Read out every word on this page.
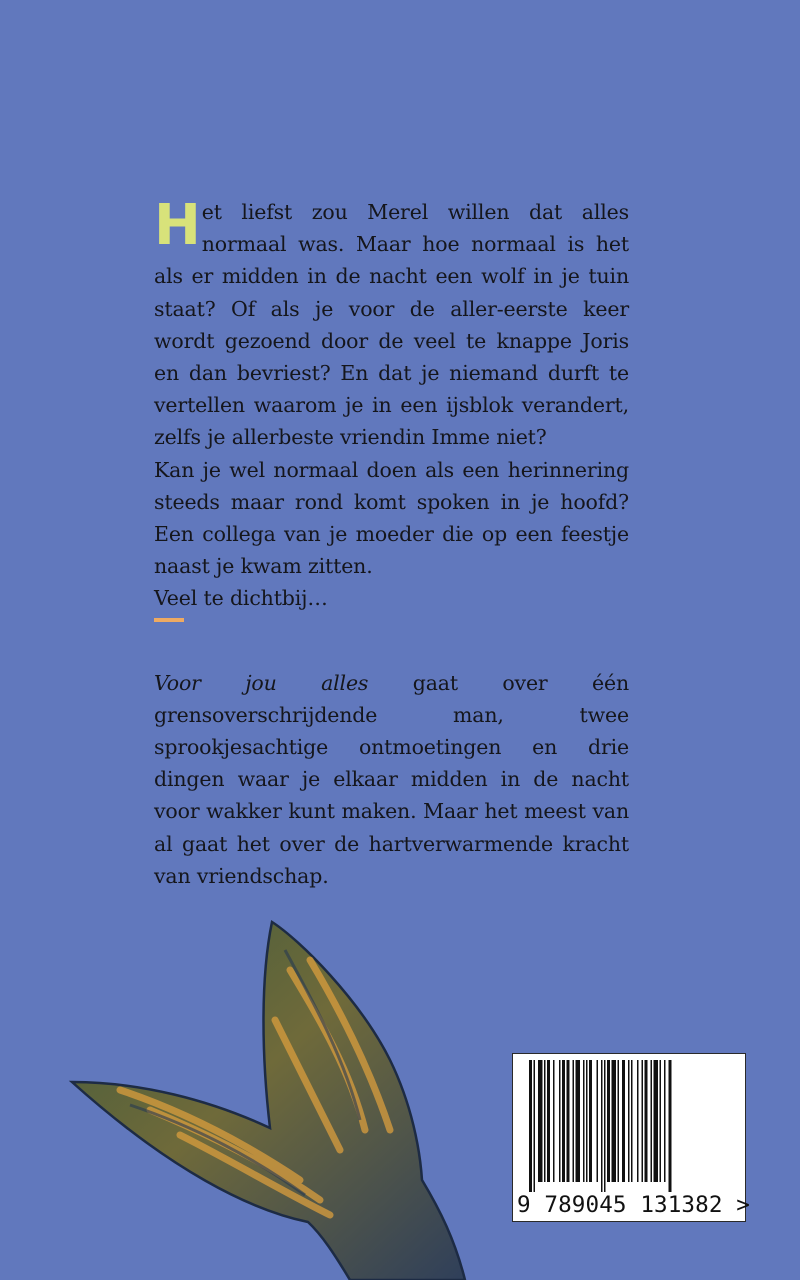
Het liefst zou Merel willen dat alles normaal was. Maar hoe normaal is het als er midden in de nacht een wolf in je tuin staat? Of als je voor de aller-eerste keer wordt gezoend door de veel te knappe Joris en dan bevriest? En dat je niemand durft te vertellen waarom je in een ijsblok verandert, zelfs je allerbeste vriendin Imme niet?

Kan je wel normaal doen als een herinnering steeds maar rond komt spoken in je hoofd? Een collega van je moeder die op een feestje naast je kwam zitten.

Veel te dichtbij…

Voor jou alles gaat over één grensoverschrijdende man, twee sprookjesachtige ontmoetingen en drie dingen waar je elkaar midden in de nacht voor wakker kunt maken. Maar het meest van al gaat het over de hartverwarmende kracht van vriendschap.

9 789045 131382 >
